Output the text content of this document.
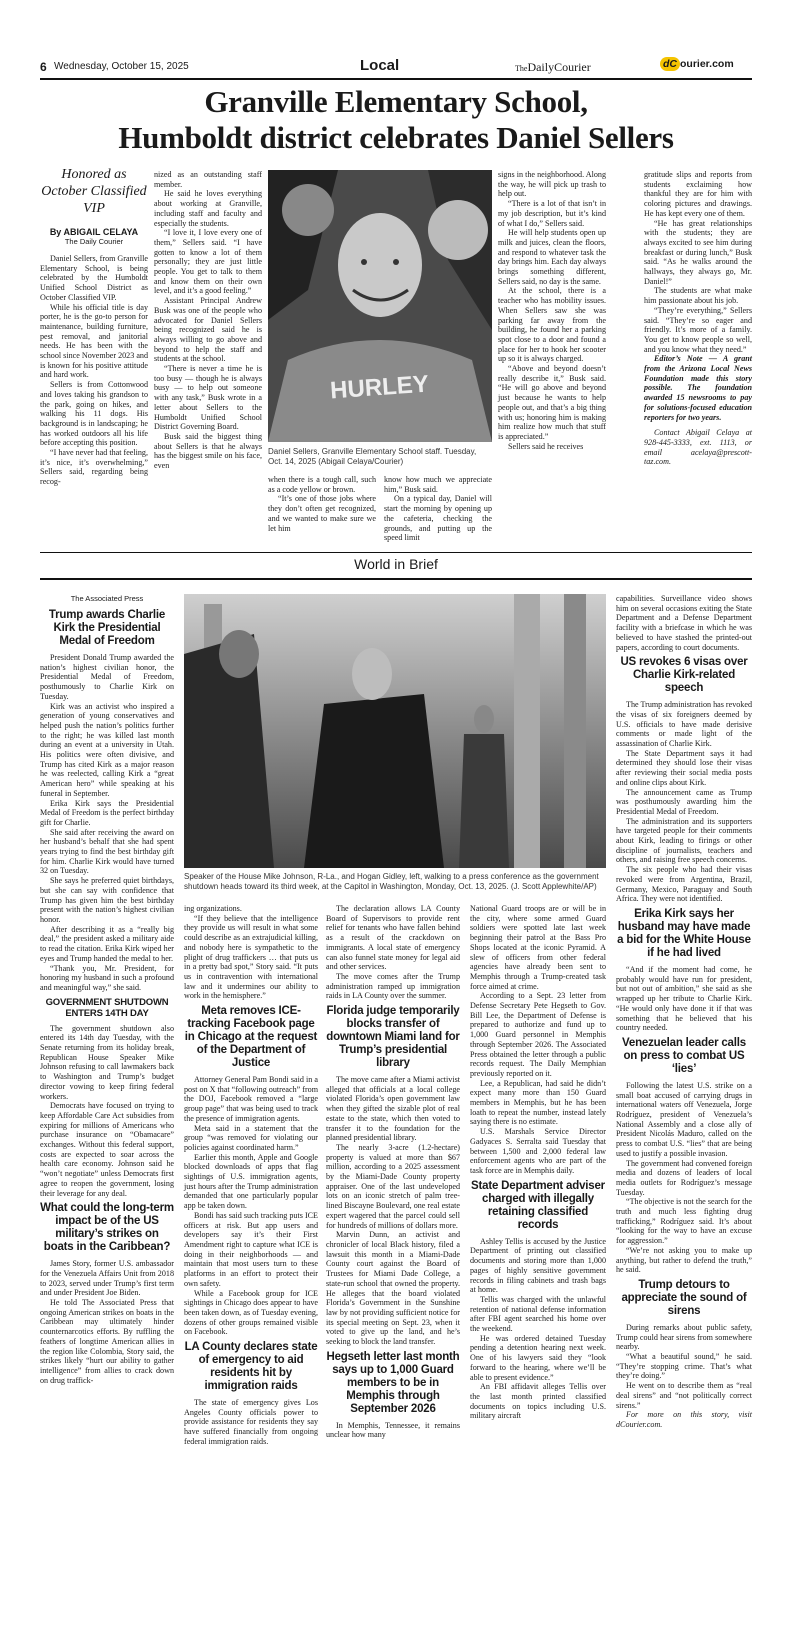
6 Wednesday, October 15, 2025	Local	TheDailyCourier	dC ourier.com
Granville Elementary School,
Humboldt district celebrates Daniel Sellers
Honored as October Classified VIP
By ABIGAIL CELAYA
The Daily Courier

Daniel Sellers, from Granville Elementary School, is being celebrated by the Humboldt Unified School District as October Classified VIP.

While his official title is day porter, he is the go-to person for maintenance, building furniture, pest removal, and janitorial needs. He has been with the school since November 2023 and is known for his positive attitude and hard work.

Sellers is from Cottonwood and loves taking his grandson to the park, going on hikes, and walking his 11 dogs. His background is in landscaping; he has worked outdoors all his life before accepting this position.

“I have never had that feeling, it’s nice, it’s overwhelming,” Sellers said, regarding being recog-

nized as an outstanding staff member.

He said he loves everything about working at Granville, including staff and faculty and especially the students.

“I love it, I love every one of them,” Sellers said. “I have gotten to know a lot of them personally; they are just little people. You get to talk to them and know them on their own level, and it’s a good feeling.”

Assistant Principal Andrew Busk was one of the people who advocated for Daniel Sellers being recognized said he is always willing to go above and beyond to help the staff and students at the school.

“There is never a time he is too busy — though he is always busy — to help out someone with any task,” Busk wrote in a letter about Sellers to the Humboldt Unified School District Governing Board.

Busk said the biggest thing about Sellers is that he always has the biggest smile on his face, even

HURLEY
Daniel Sellers, Granville Elementary School staff. Tuesday, Oct. 14, 2025 (Abigail Celaya/Courier)

when there is a tough call, such as a code yellow or brown.

“It’s one of those jobs where they don’t often get recognized, and we wanted to make sure we let him

know how much we appreciate him,” Busk said.

On a typical day, Daniel will start the morning by opening up the cafeteria, checking the grounds, and putting up the speed limit

signs in the neighborhood. Along the way, he will pick up trash to help out.

“There is a lot of that isn’t in my job description, but it’s kind of what I do,” Sellers said.

He will help students open up milk and juices, clean the floors, and respond to whatever task the day brings him. Each day always brings something different, Sellers said, no day is the same.

At the school, there is a teacher who has mobility issues. When Sellers saw she was parking far away from the building, he found her a parking spot close to a door and found a place for her to hook her scooter up so it is always charged.

“Above and beyond doesn’t really describe it,” Busk said. “He will go above and beyond just because he wants to help people out, and that’s a big thing with us; honoring him is making him realize how much that stuff is appreciated.”

Sellers said he receives

gratitude slips and reports from students exclaiming how thankful they are for him with coloring pictures and drawings. He has kept every one of them.

“He has great relationships with the students; they are always excited to see him during breakfast or during lunch,” Busk said. “As he walks around the hallways, they always go, Mr. Daniel!”

The students are what make him passionate about his job.

“They’re everything,” Sellers said. “They’re so eager and friendly. It’s more of a family. You get to know people so well, and you know what they need.”

Editor’s Note — A grant from the Arizona Local News Foundation made this story possible. The foundation awarded 15 newsrooms to pay for solutions-focused education reporters for two years.

Contact Abigail Celaya at 928-445-3333, ext. 1113, or email acelaya@prescott-taz.com.

World in Brief
The Associated Press
Trump awards Charlie Kirk the Presidential Medal of Freedom

President Donald Trump awarded the nation’s highest civilian honor, the Presidential Medal of Freedom, posthumously to Charlie Kirk on Tuesday.

Kirk was an activist who inspired a generation of young conservatives and helped push the nation’s politics further to the right; he was killed last month during an event at a university in Utah. His politics were often divisive, and Trump has cited Kirk as a major reason he was reelected, calling Kirk a “great American hero” while speaking at his funeral in September.

Erika Kirk says the Presidential Medal of Freedom is the perfect birthday gift for Charlie.

She said after receiving the award on her husband’s behalf that she had spent years trying to find the best birthday gift for him. Charlie Kirk would have turned 32 on Tuesday.

She says he preferred quiet birthdays, but she can say with confidence that Trump has given him the best birthday present with the nation’s highest civilian honor.

After describing it as a “really big deal,” the president asked a military aide to read the citation. Erika Kirk wiped her eyes and Trump handed the medal to her.

“Thank you, Mr. President, for honoring my husband in such a profound and meaningful way,” she said.

GOVERNMENT SHUTDOWN ENTERS 14TH DAY

The government shutdown also entered its 14th day Tuesday, with the Senate returning from its holiday break, Republican House Speaker Mike Johnson refusing to call lawmakers back to Washington and Trump’s budget director vowing to keep firing federal workers.

Democrats have focused on trying to keep Affordable Care Act subsidies from expiring for millions of Americans who purchase insurance on “Obamacare” exchanges. Without this federal support, costs are expected to soar across the health care economy. Johnson said he “won’t negotiate” unless Democrats first agree to reopen the government, losing their leverage for any deal.

What could the long-term impact be of the US military’s strikes on boats in the Caribbean?

James Story, former U.S. ambassador for the Venezuela Affairs Unit from 2018 to 2023, served under Trump’s first term and under President Joe Biden.

He told The Associated Press that ongoing American strikes on boats in the Caribbean may ultimately hinder counternarcotics efforts. By ruffling the feathers of longtime American allies in the region like Colombia, Story said, the strikes likely “hurt our ability to gather intelligence” from allies to crack down on drug traffick-

Speaker of the House Mike Johnson, R-La., and Hogan Gidley, left, walking to a press conference as the government shutdown heads toward its third week, at the Capitol in Washington, Monday, Oct. 13, 2025. (J. Scott Applewhite/AP)

ing organizations.

“If they believe that the intelligence they provide us will result in what some could describe as an extrajudicial killing, and nobody here is sympathetic to the plight of drug traffickers … that puts us in a pretty bad spot,” Story said. “It puts us in contravention with international law and it undermines our ability to work in the hemisphere.”

Meta removes ICE-tracking Facebook page in Chicago at the request of the Department of Justice

Attorney General Pam Bondi said in a post on X that “following outreach” from the DOJ, Facebook removed a “large group page” that was being used to track the presence of immigration agents.

Meta said in a statement that the group “was removed for violating our policies against coordinated harm.”

Earlier this month, Apple and Google blocked downloads of apps that flag sightings of U.S. immigration agents, just hours after the Trump administration demanded that one particularly popular app be taken down.

Bondi has said such tracking puts ICE officers at risk. But app users and developers say it’s their First Amendment right to capture what ICE is doing in their neighborhoods — and maintain that most users turn to these platforms in an effort to protect their own safety.

While a Facebook group for ICE sightings in Chicago does appear to have been taken down, as of Tuesday evening, dozens of other groups remained visible on Facebook.

LA County declares state of emergency to aid residents hit by immigration raids

The state of emergency gives Los Angeles County officials power to provide assistance for residents they say have suffered financially from ongoing federal immigration raids.

The declaration allows LA County Board of Supervisors to provide rent relief for tenants who have fallen behind as a result of the crackdown on immigrants. A local state of emergency can also funnel state money for legal aid and other services.

The move comes after the Trump administration ramped up immigration raids in LA County over the summer.

Florida judge temporarily blocks transfer of downtown Miami land for Trump’s presidential library

The move came after a Miami activist alleged that officials at a local college violated Florida’s open government law when they gifted the sizable plot of real estate to the state, which then voted to transfer it to the foundation for the planned presidential library.

The nearly 3-acre (1.2-hectare) property is valued at more than $67 million, according to a 2025 assessment by the Miami-Dade County property appraiser. One of the last undeveloped lots on an iconic stretch of palm tree-lined Biscayne Boulevard, one real estate expert wagered that the parcel could sell for hundreds of millions of dollars more.

Marvin Dunn, an activist and chronicler of local Black history, filed a lawsuit this month in a Miami-Dade County court against the Board of Trustees for Miami Dade College, a state-run school that owned the property. He alleges that the board violated Florida’s Government in the Sunshine law by not providing sufficient notice for its special meeting on Sept. 23, when it voted to give up the land, and he’s seeking to block the land transfer.

Hegseth letter last month says up to 1,000 Guard members to be in Memphis through September 2026

In Memphis, Tennessee, it remains unclear how many

National Guard troops are or will be in the city, where some armed Guard soldiers were spotted late last week beginning their patrol at the Bass Pro Shops located at the iconic Pyramid. A slew of officers from other federal agencies have already been sent to Memphis through a Trump-created task force aimed at crime.

According to a Sept. 23 letter from Defense Secretary Pete Hegseth to Gov. Bill Lee, the Department of Defense is prepared to authorize and fund up to 1,000 Guard personnel in Memphis through September 2026. The Associated Press obtained the letter through a public records request. The Daily Memphian previously reported on it.

Lee, a Republican, had said he didn’t expect many more than 150 Guard members in Memphis, but he has been loath to repeat the number, instead lately saying there is no estimate.

U.S. Marshals Service Director Gadyaces S. Serralta said Tuesday that between 1,500 and 2,000 federal law enforcement agents who are part of the task force are in Memphis daily.

State Department adviser charged with illegally retaining classified records

Ashley Tellis is accused by the Justice Department of printing out classified documents and storing more than 1,000 pages of highly sensitive government records in filing cabinets and trash bags at home.

Tellis was charged with the unlawful retention of national defense information after FBI agent searched his home over the weekend.

He was ordered detained Tuesday pending a detention hearing next week. One of his lawyers said they “look forward to the hearing, where we’ll be able to present evidence.”

An FBI affidavit alleges Tellis over the last month printed classified documents on topics including U.S. military aircraft

capabilities. Surveillance video shows him on several occasions exiting the State Department and a Defense Department facility with a briefcase in which he was believed to have stashed the printed-out papers, according to court documents.

US revokes 6 visas over Charlie Kirk-related speech

The Trump administration has revoked the visas of six foreigners deemed by U.S. officials to have made derisive comments or made light of the assassination of Charlie Kirk.

The State Department says it had determined they should lose their visas after reviewing their social media posts and online clips about Kirk.

The announcement came as Trump was posthumously awarding him the Presidential Medal of Freedom.

The administration and its supporters have targeted people for their comments about Kirk, leading to firings or other discipline of journalists, teachers and others, and raising free speech concerns.

The six people who had their visas revoked were from Argentina, Brazil, Germany, Mexico, Paraguay and South Africa. They were not identified.

Erika Kirk says her husband may have made a bid for the White House if he had lived

“And if the moment had come, he probably would have run for president, but not out of ambition,” she said as she wrapped up her tribute to Charlie Kirk. “He would only have done it if that was something that he believed that his country needed.

Venezuelan leader calls on press to combat US ‘lies’

Following the latest U.S. strike on a small boat accused of carrying drugs in international waters off Venezuela, Jorge Rodríguez, president of Venezuela’s National Assembly and a close ally of President Nicolás Maduro, called on the press to combat U.S. “lies” that are being used to justify a possible invasion.

The government had convened foreign media and dozens of leaders of local media outlets for Rodríguez’s message Tuesday.

“The objective is not the search for the truth and much less fighting drug trafficking,” Rodríguez said. It’s about “looking for the way to have an excuse for aggression.”

“We’re not asking you to make up anything, but rather to defend the truth,” he said.

Trump detours to appreciate the sound of sirens

During remarks about public safety, Trump could hear sirens from somewhere nearby.

“What a beautiful sound,” he said. “They’re stopping crime. That’s what they’re doing.”

He went on to describe them as “real deal sirens” and “not politically correct sirens.”

For more on this story, visit dCourier.com.
